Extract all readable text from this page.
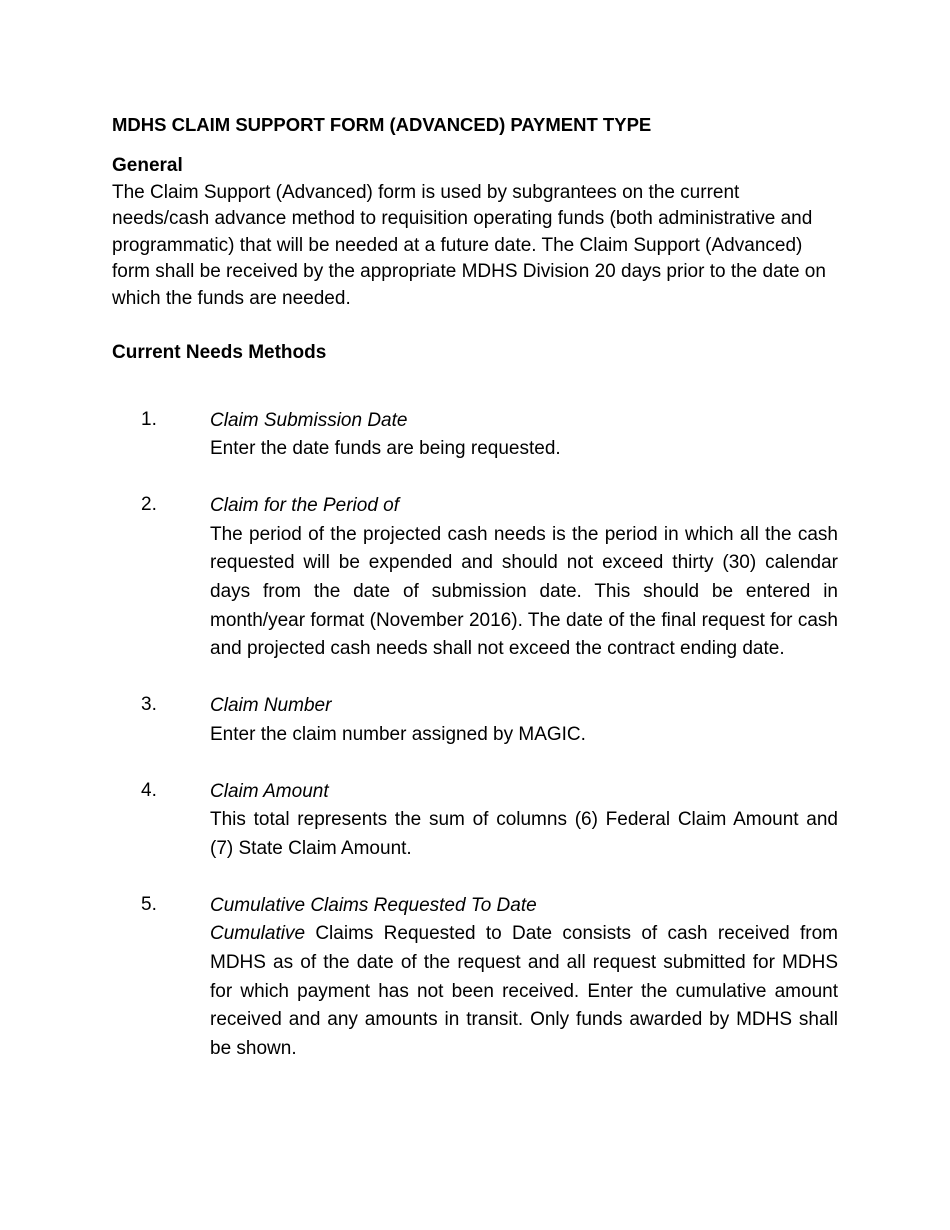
MDHS CLAIM SUPPORT FORM (ADVANCED) PAYMENT TYPE
General

The Claim Support (Advanced) form is used by subgrantees on the current needs/cash advance method to requisition operating funds (both administrative and programmatic) that will be needed at a future date. The Claim Support (Advanced) form shall be received by the appropriate MDHS Division 20 days prior to the date on which the funds are needed.

Current Needs Methods
1.	Claim Submission Date
Enter the date funds are being requested.
2.	Claim for the Period of
The period of the projected cash needs is the period in which all the cash requested will be expended and should not exceed thirty (30) calendar days from the date of submission date. This should be entered in month/year format (November 2016). The date of the final request for cash and projected cash needs shall not exceed the contract ending date.
3.	Claim Number
Enter the claim number assigned by MAGIC.
4.	Claim Amount
This total represents the sum of columns (6) Federal Claim Amount and (7) State Claim Amount.
5.	Cumulative Claims Requested To Date
Cumulative Claims Requested to Date consists of cash received from MDHS as of the date of the request and all request submitted for MDHS for which payment has not been received. Enter the cumulative amount received and any amounts in transit. Only funds awarded by MDHS shall be shown.
